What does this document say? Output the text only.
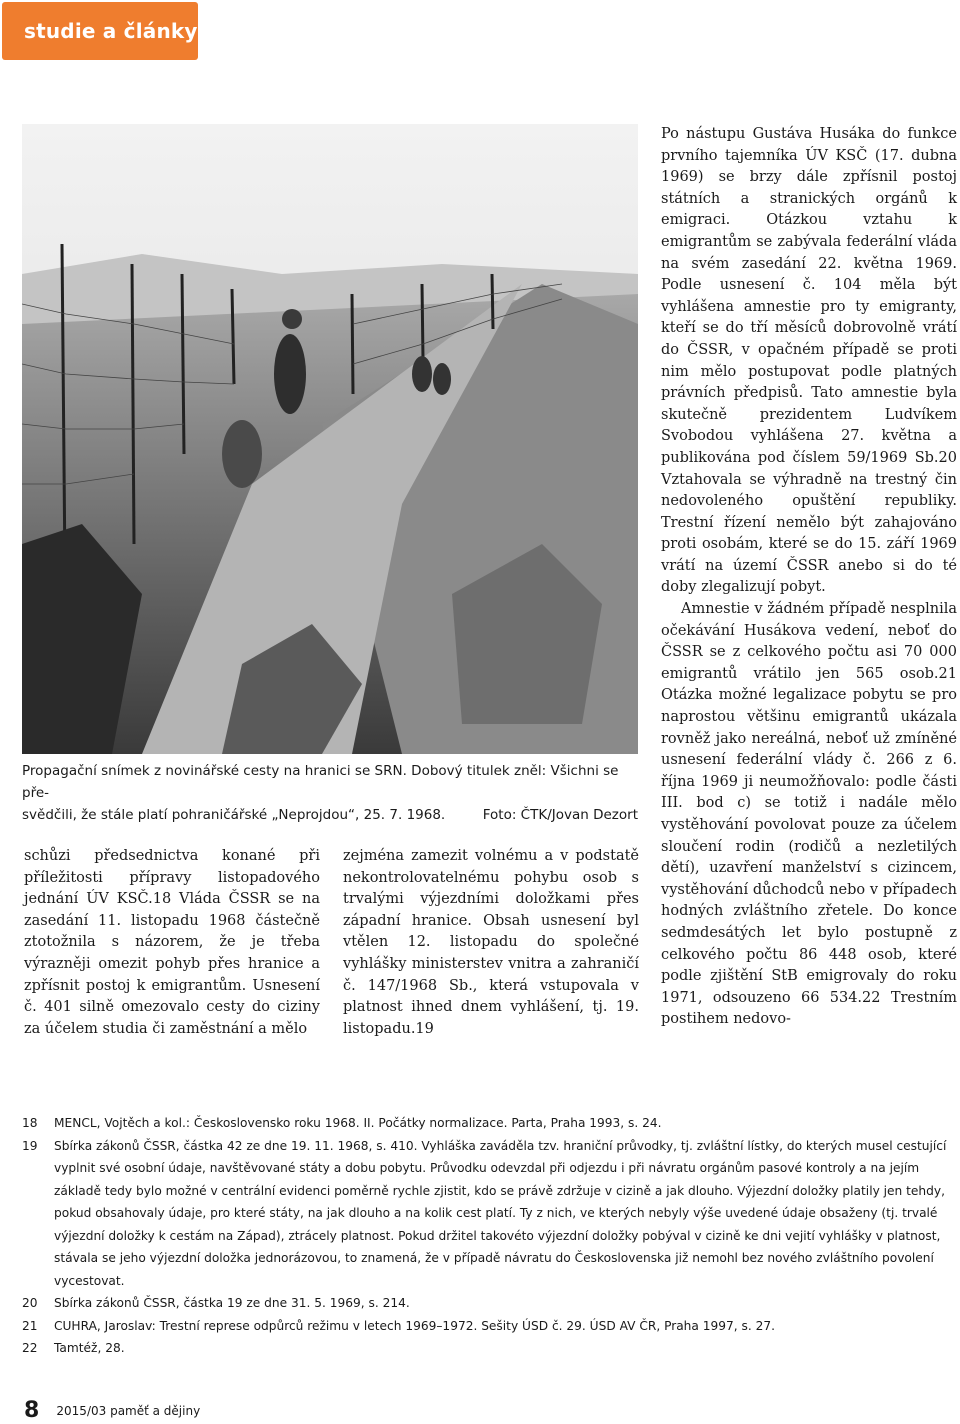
studie a články
Propagační snímek z novinářské cesty na hranici se SRN. Dobový titulek zněl: Všichni se pře-
svědčili, že stále platí pohraničářské „Neprojdou“, 25. 7. 1968.	Foto: ČTK/Jovan Dezort

schůzi předsednictva konané při příležitosti přípravy listopadového jednání ÚV KSČ.18 Vláda ČSSR se na zasedání 11. listopadu 1968 částečně ztotožnila s názorem, že je třeba výrazněji omezit pohyb přes hranice a zpřísnit postoj k emigrantům. Usnesení č. 401 silně omezovalo cesty do ciziny za účelem studia či zaměstnání a mělo

zejména zamezit volnému a v podstatě nekontrolovatelnému pohybu osob s trvalými výjezdními doložkami přes západní hranice. Obsah usnesení byl vtělen 12. listopadu do společné vyhlášky ministerstev vnitra a zahraničí č. 147/1968 Sb., která vstupovala v platnost ihned dnem vyhlášení, tj. 19. listopadu.19

Po nástupu Gustáva Husáka do funkce prvního tajemníka ÚV KSČ (17. dubna 1969) se brzy dále zpřísnil postoj státních a stranických orgánů k emigraci. Otázkou vztahu k emigrantům se zabývala federální vláda na svém zasedání 22. května 1969. Podle usnesení č. 104 měla být vyhlášena amnestie pro ty emigranty, kteří se do tří měsíců dobrovolně vrátí do ČSSR, v opačném případě se proti nim mělo postupovat podle platných právních předpisů. Tato amnestie byla skutečně prezidentem Ludvíkem Svobodou vyhlášena 27. května a publikována pod číslem 59/1969 Sb.20 Vztahovala se výhradně na trestný čin nedovoleného opuštění republiky. Trestní řízení nemělo být zahajováno proti osobám, které se do 15. září 1969 vrátí na území ČSSR anebo si do té doby zlegalizují pobyt.

Amnestie v žádném případě nesplnila očekávání Husákova vedení, neboť do ČSSR se z celkového počtu asi 70 000 emigrantů vrátilo jen 565 osob.21 Otázka možné legalizace pobytu se pro naprostou většinu emigrantů ukázala rovněž jako nereálná, neboť už zmíněné usnesení federální vlády č. 266 z 6. října 1969 ji neumožňovalo: podle části III. bod c) se totiž i nadále mělo vystěhování povolovat pouze za účelem sloučení rodin (rodičů a nezletilých dětí), uzavření manželství s cizincem, vystěhování důchodců nebo v případech hodných zvláštního zřetele. Do konce sedmdesátých let bylo postupně z celkového počtu 86 448 osob, které podle zjištění StB emigrovaly do roku 1971, odsouzeno 66 534.22 Trestním postihem nedovo-

18	MENCL, Vojtěch a kol.: Československo roku 1968. II. Počátky normalizace. Parta, Praha 1993, s. 24.
19	Sbírka zákonů ČSSR, částka 42 ze dne 19. 11. 1968, s. 410. Vyhláška zaváděla tzv. hraniční průvodky, tj. zvláštní lístky, do kterých musel cestující vyplnit své osobní údaje, navštěvované státy a dobu pobytu. Průvodku odevzdal při odjezdu i při návratu orgánům pasové kontroly a na jejím základě tedy bylo možné v centrální evidenci poměrně rychle zjistit, kdo se právě zdržuje v cizině a jak dlouho. Výjezdní doložky platily jen tehdy, pokud obsahovaly údaje, pro které státy, na jak dlouho a na kolik cest platí. Ty z nich, ve kterých nebyly výše uvedené údaje obsaženy (tj. trvalé výjezdní doložky k cestám na Západ), ztrácely platnost. Pokud držitel takovéto výjezdní doložky pobýval v cizině ke dni vejití vyhlášky v platnost, stávala se jeho výjezdní doložka jednorázovou, to znamená, že v případě návratu do Československa již nemohl bez nového zvláštního povolení vycestovat.
20	Sbírka zákonů ČSSR, částka 19 ze dne 31. 5. 1969, s. 214.
21	CUHRA, Jaroslav: Trestní represe odpůrců režimu v letech 1969–1972. Sešity ÚSD č. 29. ÚSD AV ČR, Praha 1997, s. 27.
22	Tamtéž, 28.
8 2015/03 paměť a dějiny
